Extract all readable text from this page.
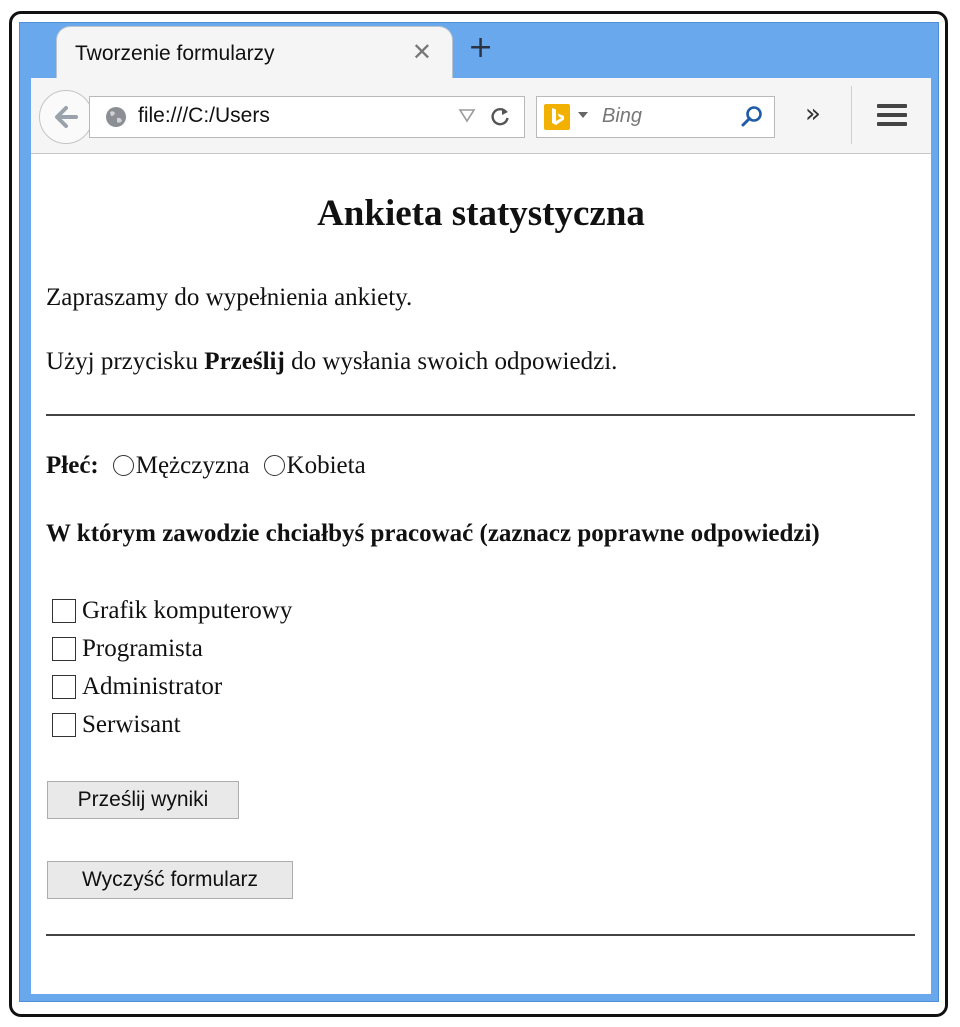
Tworzenie formularzy	✕ +
file:///C:/Users
Bing
»
Ankieta statystyczna

Zapraszamy do wypełnienia ankiety.

Użyj przycisku Prześlij do wysłania swoich odpowiedzi.

Płeć: Mężczyzna Kobieta

W którym zawodzie chciałbyś pracować (zaznacz poprawne odpowiedzi)

Grafik komputerowy
Programista
Administrator
Serwisant
Prześlij wyniki
Wyczyść formularz
